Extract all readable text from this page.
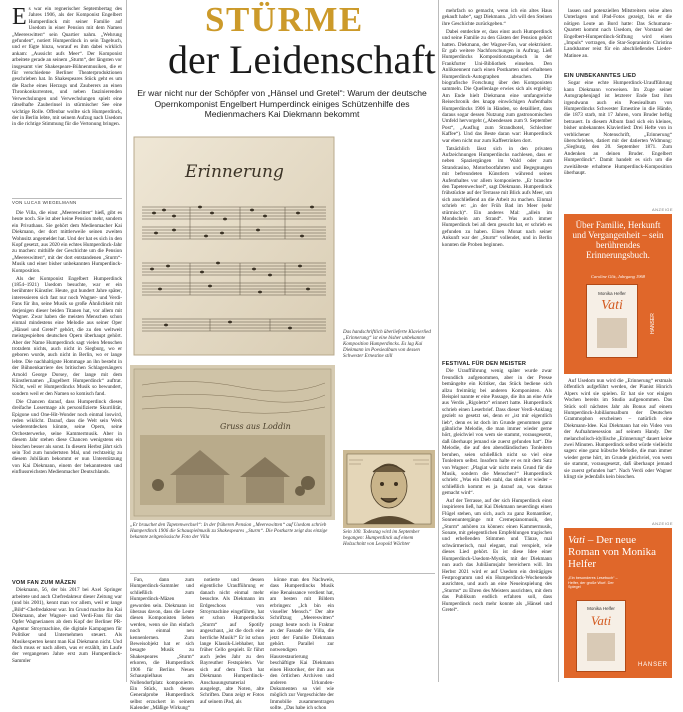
E s war ein regnerischer Septembertag des Jahres 1906, als der Komponist Engelbert Humperdinck mit seiner Familie auf Usedom in einer Pension mit dem Namen „Meereswitten“ sein Quartier nahm. „Wehrung gefunden“, notiert Humperdinck in sein Tagebuch, und er fügte hinzu, worauf es ihm dabei wirklich ankam: „Aussicht aufs Meer“. Der Komponist arbeitete gerade an seinem „Sturm“, der längsten vor insgesamt vier Shakespeare-Bühnenmusiken, die er für verschiedene Berliner Theaterproduktionen geschrieben hat. In Shakespeares Stück geht es um die Rache eines Herzogs und Zauberers an einen Thronkonkurrenten, und neben faszinierenden Verwechslungen und Verwechslungen spielt eine rätselhafte Zauberinsel in stürmischer See eine wichtige Rolle. Offenbar wollte sich Humperdinck, der in Berlin lebte, mit seinem Aufzug nach Usedom in die richtige Stimmung für die Vertonung bringen.
VON LUCAS WIEGELMANN
STÜRME
der Leidenschaft
Er war nicht nur der Schöpfer von „Hänsel und Gretel“: Warum der deutsche Opernkomponist Engelbert Humperdinck einiges Schützenhilfe des Medienmachers Kai Diekmann bekommt

Die Villa, die einst „Meereswitten“ hieß, gibt es heute noch. Sie ist aber keine Pension mehr, sondern ein Privathaus. Sie gehört dem Medienmacher Kai Diekmann, der dort mittlerweile seinen zweiten Wohnsitz angemeldet hat. Und der hat es sich in den Kopf gesetzt, aus 2020 ein echtes Humperdinck-Jahr zu machen: mithilfe der Geschichte um die Pension „Meereswitten“, mit der dort entstandenen „Sturm“-Musik und einer bisher unbekannten Humperdinck-Komposition.

Als der Komponist Engelbert Humperdinck (1854–1921) Usedom besuchte, war er ein berühmter Künstler. Heute, gut hundert Jahre später, interessieren sich fast nur noch Wagner- und Verdi-Fans für ihn, seine Musik so große Ähnlichkeit mit derjenigen dieser beiden Titanen hat, vor allem mit Wagner. Zwar haben die meisten Menschen schon einmal mindestens eine Melodie aus seiner Oper „Hänsel und Gretel“ gehört, die zu den weltweit meistgespielten deutschen Opern überhaupt gehört. Aber der Name Humperdinck sagt vielen Menschen trotzdem nichts, auch nicht in Siegburg, wo er geboren wurde, auch nicht in Berlin, wo er lange lebte. Die nachhaltigste Hommage an ihn besteht in der Bühnenkarriere des britischen Schlagersängers Arnold George Dorsey, der lange mit dem Künstlernamen „Engelbert Humperdinck“ auftrat. Nicht, weil er Humperdincks Musik so bewundert, sondern weil er den Namen so komisch fand.

Die Chancen darauf, dass Humperdinck dieses dreifache Losermage als personifizierte Skurrilität, Epigone und One-Hit-Wonder noch einmal loswird, reden wiklicht. Darauf, dass die Welt sein Werk wiederentdecken könnte, seine Opern, seine Orchesterwerke, seine Kammermusik. Aber in diesem Jahr stehen diese Chancen wenigstens ein bisschen besser als sonst. In diesem Herbst jährt sich sein Tod zum hundertsten Mal, und rechtzeitig zu diesem Jubiläum bekommt er nun Unterstützung von Kai Diekmann, einem der bekanntesten und einflussreichsten Medienmacher Deutschlands.

VOM FAN ZUM MÄZEN

Diekmann, 56, der bis 2017 bei Axel Springer arbeitete und auch Chefredakteur dieser Zeitung war (und bis 2001), kennt man vor allem, weil er lange „Bild“-Chefredakteur war. Im Grund machte ihn Kai Diekmann, aber Wagner- und Verdi-Fans für das Opfer Wagnerianers ab dem Kopf der Berliner PR-Agentur Stroymachine, die digitale Kampagnen für Politiker und Unternehmen steuert. Als Musikexperten kennt man Kai Diekmann nicht. Und doch muss er nach allem, was er erzählt, im Laufe der vergangenen Jahre erst zum Humperdinck-Sammler

Erinnerung
Das handschriftlich überlieferte Klavierlied „Erinnerung“ ist eine bisher unbekannte Komposition Humperdincks. Es lag Kai Diekmann im Poesiealbum von dessen Schwester Ernestine still
Gruss aus Loddin
„Er brauchet den Tapetenwechsel“: In der früheren Pension „Meereswitten“ auf Usedom schrieb Humperdinck 1906 die Schauspielmusik zu Shakespeares „Sturm“. Die Postkarte zeigt das einzige bekannte zeitgenössische Foto der Villa
Sein 100. Todestag wird im September begangen: Humperdinck auf einem Holzschnitt von Leopold Wächter

Fan, dann zum Humperdinck-Sammler und schließlich zum Humperdinck-Mäzen geworden sein. Diekmann ist überaus davon, dass die Leute diesen Komponisten lieben werden, wenn sie ihn einfach noch einmal neu kennenlernen. Zum Beweisobjekt hat er sich besagte Musik zu Shakespeares „Sturm“ erkoren, die Humperdinck 1906 für Berlins Neues Schauspielhaus am Nollendorfplatz komponierte. Ein Stück, nach dessen Generalprobe Humperdinck selbst erzuckert in seinem Kalender „Mäßige Wirkung“

notierte und dessen eigentliche Uraufführung er danach nicht einmal mehr besuchte. Als Diekmann im Erdgeschoss von Stroymachine eingeführte, hat er schon Humperdincks „Sturm“ auf Spotify angeschaut, „ist die doch eine herrliche Musik!“ Er ist schon lange Klassik-Liebhaber, hat früher Cello gespielt. Er führt auch jedes Jahr zu den Bayreuther Festspielen. Vor sich auf dem Tisch hat Diekmann Humperdinck-Anschauungsmaterial ausgelegt, alte Noten, alte Schriften. Dann zeigt er Fotos auf seinem iPad, als

könne man den Nachweis, dass Humperdincks Musik eine Renaissance verdient hat, am besten mit Bildern erbringen: „Ich bin ein visueller Mensch.“ Der alte Schriftzug „Meereswitten“ prangt heute noch in Fraktur an der Fassade der Villa, die jetzt der Familie Diekmann gehört. Parallel zur notwendigen Hausrestaurierung beschäftigte Kai Diekmann einen Historiker, der ihm aus den örtlichen Archiven und anderen Urkunden-Dokumenten so viel wie möglich zur Vorgeschichte der Immobilie zusammentragen sollte. „Das habe ich schon

mehrfach so gemacht, wenn ich ein altes Haus gekauft habe“, sagt Diekmann. „Ich will den Steinen ihre Geschichte zurückgeben.“

Dabei entdeckte er, dass einst auch Humperdinck und seine Familie zu den Gästen der Pension gehört hatten. Diekmann, der Wagner-Fan, war elektrisiert. Er gab weitere Nachforschungen in Auftrag. Ließ Humperdincks Kompositionstagebuch in der Frankfurter Uni-Bibliothek einsehen. Den Anliknennent nach einen Postkarten und erhaltenen Humperdinck-Autographen absuchen. Die biografische Forschung über den Komponisten sammeln. Die Quellenlage erwies sich als ergiebig: Am Ende hielt Diekmann eine umfangreiche Reisechronik des knapp einwöchigen Aufenthalts Humperdincks 1906 in Händen, so detailliert, dass daraus sogar dessen Nutzung zum gastronomischen Umfeld hervorgeht („Abendessen zum 9. September Post“, „Ausflug zum Strandhotel, Schlechter Kaffee“). Und das Beste daran war: Humperdinck war eben nicht nur zum Kaffeetrinken dort.

Tatsächlich lässt sich in den privaten Aufzeichnungen Humperdincks nachlesen, dass er neben Spaziergängen im Wald oder zum Strandcasino, Motorbootfahrten und Begegnungen mit befreundeten Künstlern während seines Aufenthaltes vor allem komponierte. „Er brauchte den Tapetenwechsel“, sagt Diekmann. Humperdinck frühstückte auf der Terrasse mit Blick aufs Meer, um sich anschließend an die Arbeit zu machen. Einmal schrieb er: „in der Früh Bad im Meer (sehr stürmisch)“. Ein anderes Mal: „allein im Mondschein am Strand“. Was auch immer Humperdinck bei all dem gesucht hat, er schrieb es gefunden zu haben. Einen Monat nach seiner Ankunft war der „Sturm“ vollendet, und in Berlin konnten die Proben beginnen.

FESTIVAL FÜR DEN MEISTER

Die Uraufführung wenig später wurde zwar freundlich aufgenommen, aber in der Presse bemängelte ein Kritiker, das Stück bediene sich allzu freimütig bei anderen Komponisten. Als Beispiel nannte er eine Passage, die ihn an eine Arie aus Verdis „Rigoletto“ erinnert hatte. Humperdinck schrieb einen Leserbrief. Dass dieser Verdi-Anklang gezielt so gesetzt sei, denn er „ist mir eigentlich lieb“, denn es ist doch im Grunde genommen ganz gähnliche Melodie, die man immer wieder gerne hört, gleichviel von wem sie stammt, vorausgesetzt, daß überhaupt jemand sie zuerst gefunden hat“. Die Melodie, die auf den abendländischen Tonleitern beruhen, seien schließlich nicht so viel eine Tonleitern selbst. Insofern halte er es mit dem Satz von Wagner: „Plagiat wär nicht mein Grund für die Musik, sondern die Menschen!“ Humperdinck schrieb: „Was ein Dieb stahl, das stiehlt er wieder – schließlich kommt es ja darauf an, was daraus gemacht wird“.

Auf der Terrasse, auf der sich Humperdinck einst inspirieren ließ, hat Kai Diekmann neuerdings einen Flügel stehen, um sich, auch zu ganz Romantiker, Sonnenuntergänge mit Cremepianomusik, den „Sturm“ anhören zu können: einen Kammermusik, Sonate, mit gelegentlichen Empfehlungen tragischen und erhellenden Stimmen und Tänze, mal schwärmerisch, mal elegant, mal verspielt, wie dieses Lied gehört. Es ist diese Idee einer Humperdinck-Usedom-Mystik, mit der Diekmann nun auch das Jubiläumsjahr bereichern will. Im Herbst 2021 wird er auf Usedom ein dreitägiges Festprogramm und ein Humperdinck-Wochenende ausrichten, und auch an eine Neueinspielung des „Sturms“ zu Ehren des Meisters ausrichten, mit dem das Publikum endlich erfahren soll, dass Humperdinck noch mehr konnte als „Hänsel und Gretel“.

lassen und potenziellen Mitstreitern seine alten Unterlagen und iPad-Fotos gezeigt, bis er die nötigen Leute an Bord hatte: Das Schumann-Quartett kommt nach Usedom, der Vorstand der Engelbert-Humperdinck-Stiftung wird einen „Impuls“ vortragen, die Star-Sopranistin Christina Landshamer reist für ein abschließendes Lieder-Matinee an.

EIN UNBEKANNTES LIED

Sogar eine echte Humperdinck-Uraufführung kann Diekmann vorweisen. Im Zuge seiner Autographenjagd ist letzterer Ende fast ihm irgendwann auch ein Poesiealbum von Humperdincks Schwester Ernestine in die Hände, die 1873 starb, mit 17 Jahren, vom Bruder heftig betrauert. In diesem Album fand sich ein kleines, bisher unbekanntes Klavierlied: Drei Hefte von in verblichener Notenschrift, „Erinnerung“ überschrieben, datiert mit der datierten Widmung: „Siegburg, den 20. September 1871. Zum Andenken an deinen Bruder. Engelbert Humperdinck“. Damit handelt es sich um die zweitälteste erhaltene Humperdinck-Komposition überhaupt.

ANZEIGE
Über Familie, Herkunft und Vergangenheit – sein berührendes Erinnerungsbuch.
Caroline Gliż, Jahrgang 1968
Monika Helfer
Vati
HANSER

Auf Usedom nun wird die „Erinnerung“ erstmals öffentlich aufgeführt werden, der Pianist Hinrich Alpers wird sie spielen. Er hat sie vor einigen Wochen bereits im Studio aufgenommen. Das Stück soll nächstes Jahr als Bonus auf einem Humperdinck-Jubiläumsalbum der Deutschen Grammophon erscheinen – natürlich eine Diekmann-Idee. Kai Diekmann hat ein Video von der Aufnahmesession auf seinem Handy. Der melancholisch-idyllische „Erinnerung“ dauert keine zwei Minuten. Humperdinck selbst würde vielleicht sagen: eine ganz hübsche Melodie, die man immer wieder gerne hört, im Grunde gleichviel, von wem sie stammt, vorausgesetzt, daß überhaupt jemand sie zuerst gefunden hat“. Nach Verdi oder Wagner klingt sie jedenfalls kein bisschen.

ANZEIGE
Vati – Der neue Roman von Monika Helfer
„Ein besonderes Lesebuch“ – Helfer, der große Wurf. Der Spiegel
Monika Helfer
Vati
HANSER
